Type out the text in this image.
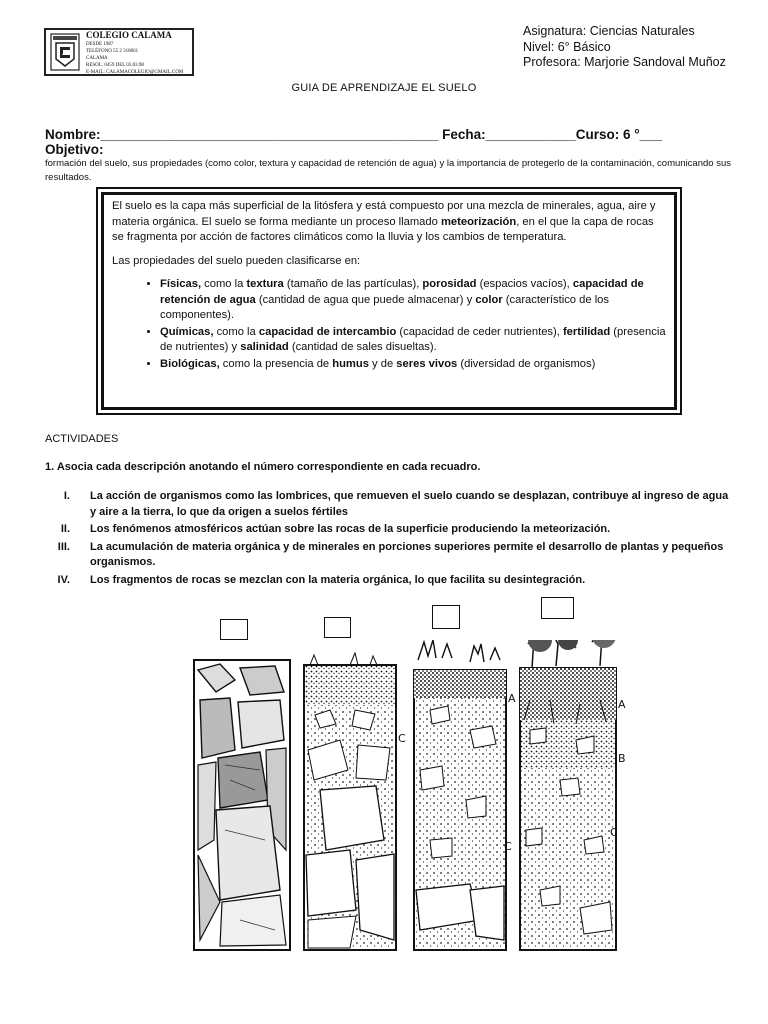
COLEGIO CALAMA
DESDE 1987
TELÉFONO 55 2 318661
CALAMA
RESOL. 0459 DEL 03.03.98
E-MAIL: CALAMACOLEGIO@GMAIL.COM
Asignatura: Ciencias Naturales
Nivel: 6° Básico
Profesora: Marjorie Sandoval Muñoz
GUIA DE APRENDIZAJE EL SUELO
Nombre:_____________________________________________ Fecha:____________Curso: 6 °___
Objetivo:
formación del suelo, sus propiedades (como color, textura y capacidad de retención de agua) y la importancia de protegerlo de la contaminación, comunicando sus resultados.

El suelo es la capa más superficial de la litósfera y está compuesto por una mezcla de minerales, agua, aire y materia orgánica. El suelo se forma mediante un proceso llamado meteorización, en el que la capa de rocas se fragmenta por acción de factores climáticos como la lluvia y los cambios de temperatura.

Las propiedades del suelo pueden clasificarse en:

• Físicas, como la textura (tamaño de las partículas), porosidad (espacios vacíos), capacidad de retención de agua (cantidad de agua que puede almacenar) y color (característico de los componentes).
• Químicas, como la capacidad de intercambio (capacidad de ceder nutrientes), fertilidad (presencia de nutrientes) y salinidad (cantidad de sales disueltas).
• Biológicas, como la presencia de humus y de seres vivos (diversidad de organismos)
ACTIVIDADES
1. Asocia cada descripción anotando el número correspondiente en cada recuadro.
I.	La acción de organismos como las lombrices, que remueven el suelo cuando se desplazan, contribuye al ingreso de agua y aire a la tierra, lo que da origen a suelos fértiles
II.	Los fenómenos atmosféricos actúan sobre las rocas de la superficie produciendo la meteorización.
III.	La acumulación de materia orgánica y de minerales en porciones superiores permite el desarrollo de plantas y pequeños organismos.
IV.	Los fragmentos de rocas se mezclan con la materia orgánica, lo que facilita su desintegración.
C
A	A
B
C
C
